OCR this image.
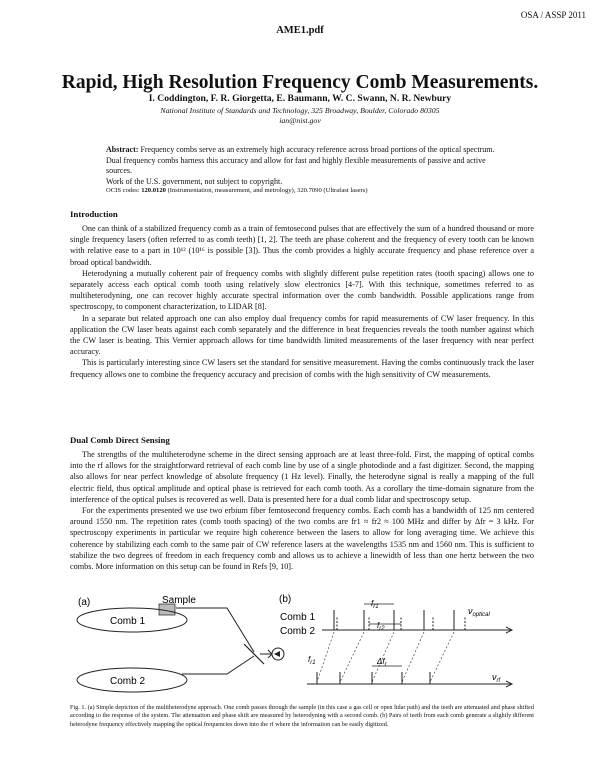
OSA / ASSP 2011
AME1.pdf
Rapid, High Resolution Frequency Comb Measurements.
I. Coddington, F. R. Giorgetta, E. Baumann, W. C. Swann, N. R. Newbury
National Institute of Standards and Technology, 325 Broadway, Boulder, Colorado 80305
ian@nist.gov
Abstract: Frequency combs serve as an extremely high accuracy reference across broad portions of the optical spectrum. Dual frequency combs harness this accuracy and allow for fast and highly flexible measurements of passive and active sources.
Work of the U.S. government, not subject to copyright.
OCIS codes: 120.0120 (Instrumentation, measurement, and metrology), 320.7090 (Ultrafast lasers)
Introduction

One can think of a stabilized frequency comb as a train of femtosecond pulses that are effectively the sum of a hundred thousand or more single frequency lasers (often referred to as comb teeth) [1, 2]. The teeth are phase coherent and the frequency of every tooth can be known with relative ease to a part in 10¹² (10¹⁶ is possible [3]). Thus the comb provides a highly accurate frequency and phase reference over a broad optical bandwidth.

Heterodyning a mutually coherent pair of frequency combs with slightly different pulse repetition rates (tooth spacing) allows one to separately access each optical comb tooth using relatively slow electronics [4-7]. With this technique, sometimes referred to as multiheterodyning, one can recover highly accurate spectral information over the comb bandwidth. Possible applications range from spectroscopy, to component characterization, to LIDAR [8].

In a separate but related approach one can also employ dual frequency combs for rapid measurements of CW laser frequency. In this application the CW laser beats against each comb separately and the difference in beat frequencies reveals the tooth number against which the CW laser is beating. This Vernier approach allows for time bandwidth limited measurements of the laser frequency with near perfect accuracy.

This is particularly interesting since CW lasers set the standard for sensitive measurement. Having the combs continuously track the laser frequency allows one to combine the frequency accuracy and precision of combs with the high sensitivity of CW measurements.

Dual Comb Direct Sensing

The strengths of the multiheterodyne scheme in the direct sensing approach are at least three-fold. First, the mapping of optical combs into the rf allows for the straightforward retrieval of each comb line by use of a single photodiode and a fast digitizer. Second, the mapping also allows for near perfect knowledge of absolute frequency (1 Hz level). Finally, the heterodyne signal is really a mapping of the full electric field, thus optical amplitude and optical phase is retrieved for each comb tooth. As a corollary the time-domain signature from the interference of the optical pulses is recovered as well. Data is presented here for a dual comb lidar and spectroscopy setup.

For the experiments presented we use two erbium fiber femtosecond frequency combs. Each comb has a bandwidth of 125 nm centered around 1550 nm. The repetition rates (comb tooth spacing) of the two combs are fr1 ≈ fr2 ≈ 100 MHz and differ by Δfr = 3 kHz. For spectroscopy experiments in particular we require high coherence between the lasers to allow for long averaging time. We achieve this coherence by stabilizing each comb to the same pair of CW reference lasers at the wavelengths 1535 nm and 1560 nm. This is sufficient to stabilize the two degrees of freedom in each frequency comb and allows us to achieve a linewidth of less than one hertz between the two combs. More information on this setup can be found in Refs [9, 10].

(a)	Sample
Comb 1
Comb 2
(b)
Comb 1
Comb 2
$f_{r1}$
$f_{r2}$
$\nu_{optical}$
$\Delta f_r$
$f_{r1}$
$\nu_{rf}$
Fig. 1. (a) Simple depiction of the multiheterodyne approach. One comb passes through the sample (in this case a gas cell or open lidar path) and the teeth are attenuated and phase shifted according to the response of the system. The attenuation and phase shift are measured by heterodyning with a second comb. (b) Pairs of teeth from each comb generate a slightly different heterodyne frequency effectively mapping the optical frequencies down into the rf where the information can be easily digitized.
